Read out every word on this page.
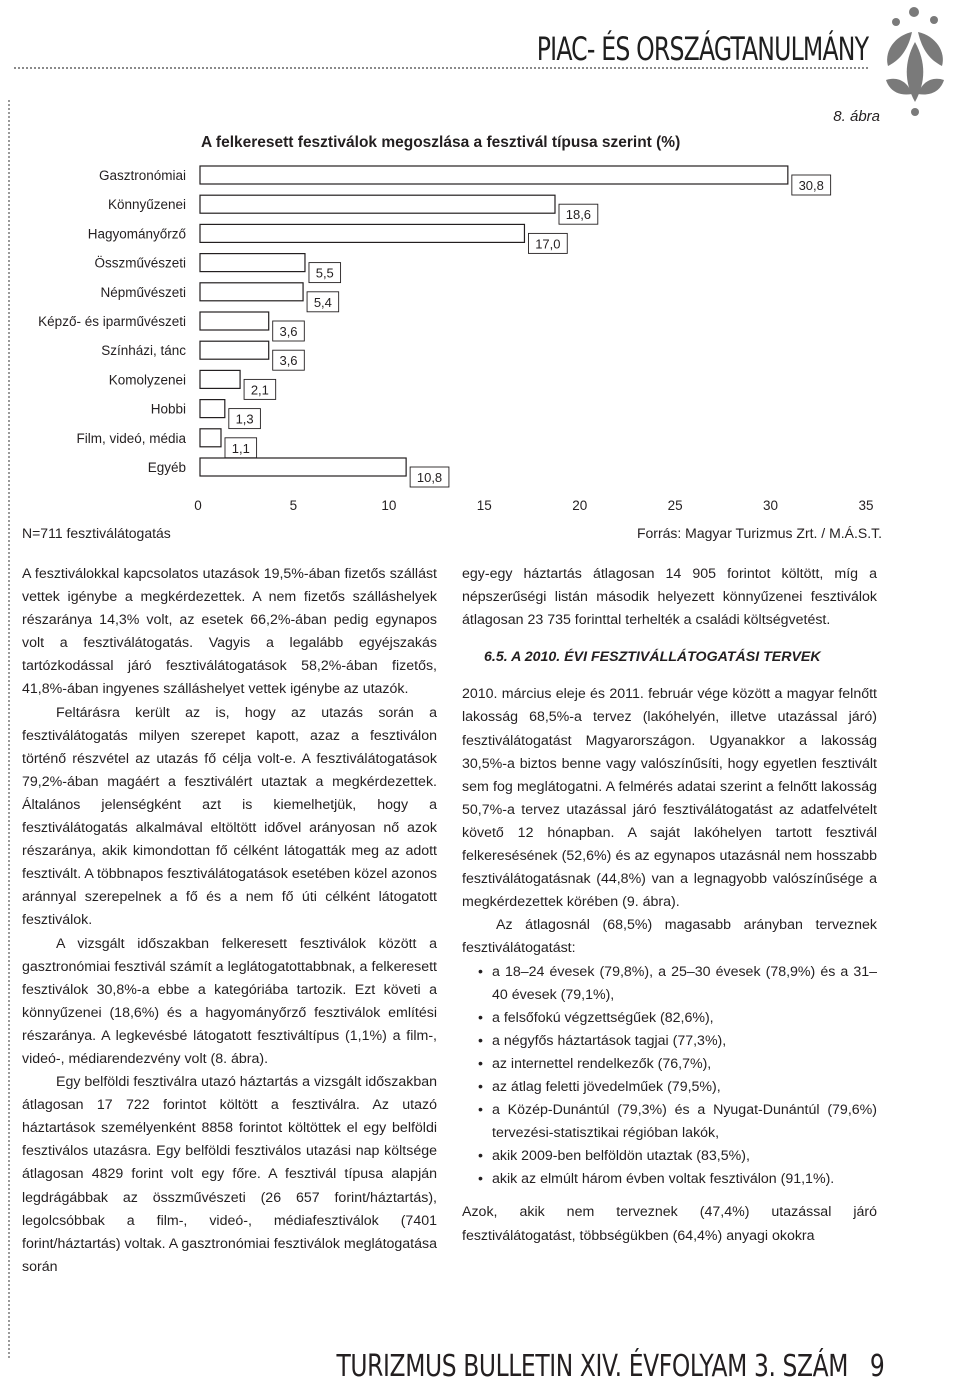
PIAC- ÉS ORSZÁGTANULMÁNY
8. ábra
A felkeresett fesztiválok megoszlása a fesztivál típusa szerint (%)
Gasztronómiai
30,8
Könnyűzenei
18,6
Hagyományőrző
17,0
Összművészeti
5,5
Népművészeti
5,4
Képző- és iparművészeti
3,6
Színházi, tánc
3,6
Komolyzenei
2,1
Hobbi
1,3
Film, videó, média
1,1
Egyéb
10,8
0	5	10	15	20	25	30	35
N=711 fesztiválátogatás	Forrás: Magyar Turizmus Zrt. / M.Á.S.T.

A fesztiválokkal kapcsolatos utazások 19,5%-ában fizetős szállást vettek igénybe a megkérdezettek. A nem fizetős szálláshelyek részaránya 14,3% volt, az esetek 66,2%-ában pedig egynapos volt a fesztiválátogatás. Vagyis a legalább egyéjszakás tartózkodással járó fesztiválátogatások 58,2%-ában fizetős, 41,8%-ában ingyenes szálláshelyet vettek igénybe az utazók.

Feltárásra került az is, hogy az utazás során a fesztiválátogatás milyen szerepet kapott, azaz a fesztiválon történő részvétel az utazás fő célja volt-e. A fesztiválátogatások 79,2%-ában magáért a fesztiválért utaztak a megkérdezettek. Általános jelenségként azt is kiemelhetjük, hogy a fesztiválátogatás alkalmával eltöltött idővel arányosan nő azok részaránya, akik kimondottan fő célként látogatták meg az adott fesztivált. A többnapos fesztiválátogatások esetében közel azonos aránnyal szerepelnek a fő és a nem fő úti célként látogatott fesztiválok.

A vizsgált időszakban felkeresett fesztiválok között a gasztronómiai fesztivál számít a leglátogatottabbnak, a felkeresett fesztiválok 30,8%-a ebbe a kategóriába tartozik. Ezt követi a könnyűzenei (18,6%) és a hagyományőrző fesztiválok említési részaránya. A legkevésbé látogatott fesztiváltípus (1,1%) a film-, videó-, médiarendezvény volt (8. ábra).

Egy belföldi fesztiválra utazó háztartás a vizsgált időszakban átlagosan 17 722 forintot költött a fesztiválra. Az utazó háztartások személyenként 8858 forintot költöttek el egy belföldi fesztiválos utazásra. Egy belföldi fesztiválos utazási nap költsége átlagosan 4829 forint volt egy főre. A fesztivál típusa alapján legdrágábbak az összművészeti (26 657 forint/háztartás), legolcsóbbak a film-, videó-, médiafesztiválok (7401 forint/háztartás) voltak. A gasztronómiai fesztiválok meglátogatása során

egy-egy háztartás átlagosan 14 905 forintot költött, míg a népszerűségi listán második helyezett könnyűzenei fesztiválok átlagosan 23 735 forinttal terhelték a családi költségvetést.

6.5. A 2010. ÉVI FESZTIVÁLLÁTOGATÁSI TERVEK

2010. március eleje és 2011. február vége között a magyar felnőtt lakosság 68,5%-a tervez (lakóhelyén, illetve utazással járó) fesztiválátogatást Magyarországon. Ugyanakkor a lakosság 30,5%-a biztos benne vagy valószínűsíti, hogy egyetlen fesztivált sem fog meglátogatni. A felmérés adatai szerint a felnőtt lakosság 50,7%-a tervez utazással járó fesztiválátogatást az adatfelvételt követő 12 hónapban. A saját lakóhelyen tartott fesztivál felkeresésének (52,6%) és az egynapos utazásnál nem hosszabb fesztiválátogatásnak (44,8%) van a legnagyobb valószínűsége a megkérdezettek körében (9. ábra).

Az átlagosnál (68,5%) magasabb arányban terveznek fesztiválátogatást:

• a 18–24 évesek (79,8%), a 25–30 évesek (78,9%) és a 31–40 évesek (79,1%),
• a felsőfokú végzettségűek (82,6%),
• a négyfős háztartások tagjai (77,3%),
• az internettel rendelkezők (76,7%),
• az átlag feletti jövedelműek (79,5%),
• a Közép-Dunántúl (79,3%) és a Nyugat-Dunántúl (79,6%) tervezési-statisztikai régióban lakók,
• akik 2009-ben belföldön utaztak (83,5%),
• akik az elmúlt három évben voltak fesztiválon (91,1%).

Azok, akik nem terveznek (47,4%) utazással járó fesztiválátogatást, többségükben (64,4%) anyagi okokra

TURIZMUS BULLETIN XIV. ÉVFOLYAM 3. SZÁM 9
